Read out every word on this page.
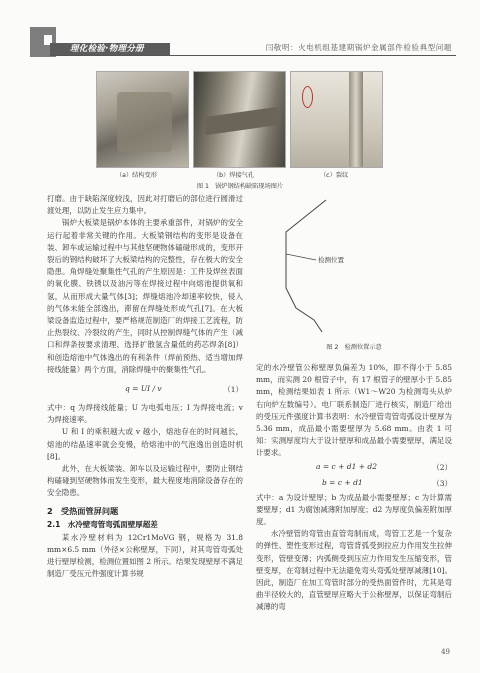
理化检验·物理分册	闫敬明：火电机组基建期锅炉金属部件检验典型问题
（a）结构变形	（b）焊接气孔	（c）裂纹
图 1　锅炉钢结构缺陷现场图片

打磨。由于缺陷深度较浅，因此对打磨后的部位进行圆滑过渡处理，以防止发生应力集中。

锅炉大板梁是锅炉本体的主要承重部件，对锅炉的安全运行起着非常关键的作用。大板梁钢结构的变形是设备在装、卸车或运输过程中与其他坚硬物体磕碰形成的，变形开裂后的钢结构破坏了大板梁结构的完整性，存在极大的安全隐患。角焊缝处聚集性气孔的产生原因是：工件及焊丝表面的氧化膜、铁锈以及油污等在焊接过程中向熔池提供氧和氢，从而形成大量气体[3]；焊缝熔池冷却速率较快，侵入的气体未能全部逸出，滞留在焊缝处形成气孔[7]。在大板梁设备监造过程中，要严格规范制造厂的焊接工艺流程，防止热裂纹、冷裂纹的产生，同时从控制焊缝气体的产生（减口和焊条按要求清理、选择扩散氢含量低的药芯焊条[8]）和创造熔池中气体逸出的有利条件（焊前预热、适当增加焊接线能量）两个方面，消除焊缝中的聚集性气孔。

q = UI / v	（1）

式中：q 为焊接线能量；U 为电弧电压；I 为焊接电流；v 为焊接速率。

U 和 I 的乘积越大或 v 越小，熔池存在的时间越长，熔池的结晶速率就会变慢，给熔池中的气泡逸出创造时机[8]。

此外，在大板梁装、卸车以及运输过程中，要防止钢结构磕碰到坚硬物体而发生变形，最大程度地消除设备存在的安全隐患。

2　受热面管屏问题
2.1　水冷壁弯管弯弧面壁厚超差

某水冷壁材料为 12Cr1MoVG 钢，规格为 31.8 mm×6.5 mm（外径×公称壁厚，下同），对其弯管弯弧处进行壁厚检测，检测位置如图 2 所示。结果发现壁厚不满足制造厂受压元件强度计算书规

检测位置
图 2　检测位置示意

定的水冷壁管公称壁厚负偏差为 10%，即不得小于 5.85 mm，而实测 20 根管子中，有 17 根管子的壁厚小于 5.85 mm，检测结果如表 1 所示（W1～W20 为检测弯头从炉右向炉左数编号）。电厂联系制造厂进行核实，制造厂给出的受压元件强度计算书表明：水冷壁管弯管弯弧设计壁厚为 5.36 mm，成品最小需要壁厚为 5.68 mm。由表 1 可知：实测厚度均大于设计壁厚和成品最小需要壁厚，满足设计要求。

a = c + d1 + d2	（2）
b = c + d1	（3）

式中：a 为设计壁厚；b 为成品最小需要壁厚；c 为计算需要壁厚；d1 为腐蚀减薄附加厚度；d2 为厚度负偏差附加厚度。

水冷壁管的弯管由直管弯制而成，弯管工艺是一个复杂的弹性、塑性变形过程，弯管背弧受到拉应力作用发生拉伸变形，管壁变薄；内弧侧受到压应力作用发生压缩变形，管壁变厚，在弯制过程中无法避免弯头弯弧处壁厚减薄[10]。因此，制造厂在加工弯管时部分的受热面管件时，尤其是弯曲半径较大的，直管壁厚应略大于公称壁厚，以保证弯制后减薄的弯

49
